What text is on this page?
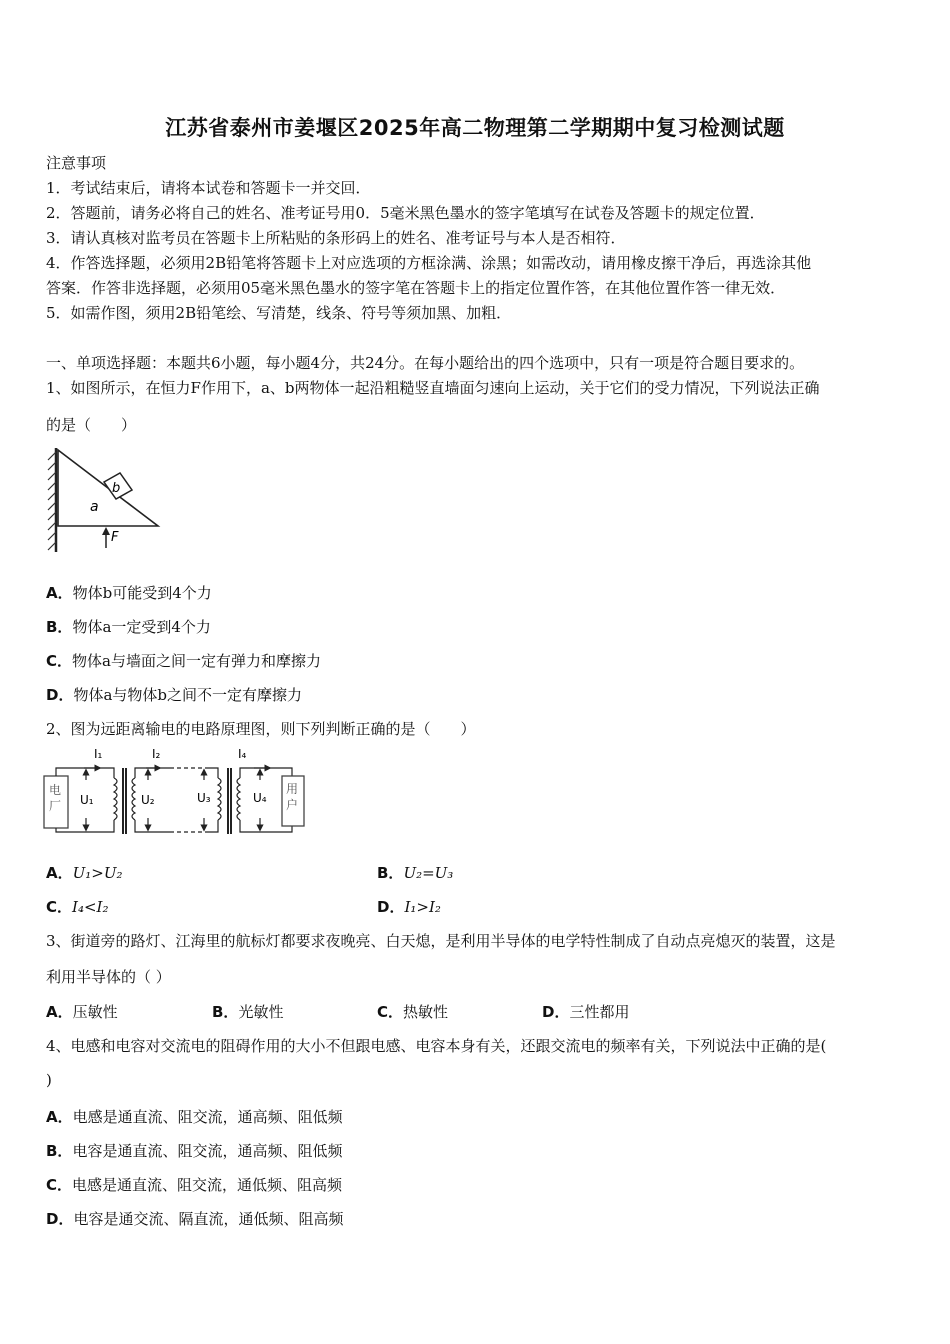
江苏省泰州市姜堰区2025年高二物理第二学期期中复习检测试题
注意事项
1．考试结束后，请将本试卷和答题卡一并交回．
2．答题前，请务必将自己的姓名、准考证号用0．5毫米黑色墨水的签字笔填写在试卷及答题卡的规定位置．
3．请认真核对监考员在答题卡上所粘贴的条形码上的姓名、准考证号与本人是否相符．
4．作答选择题，必须用2B铅笔将答题卡上对应选项的方框涂满、涂黑；如需改动，请用橡皮擦干净后，再选涂其他
答案．作答非选择题，必须用05毫米黑色墨水的签字笔在答题卡上的指定位置作答，在其他位置作答一律无效．
5．如需作图，须用2B铅笔绘、写清楚，线条、符号等须加黑、加粗．
一、单项选择题：本题共6小题，每小题4分，共24分。在每小题给出的四个选项中，只有一项是符合题目要求的。
1、如图所示，在恒力F作用下，a、b两物体一起沿粗糙竖直墙面匀速向上运动，关于它们的受力情况，下列说法正确
的是（　　）
b
a
F
A．物体b可能受到4个力
B．物体a一定受到4个力
C．物体a与墙面之间一定有弹力和摩擦力
D．物体a与物体b之间不一定有摩擦力
2、图为远距离输电的电路原理图，则下列判断正确的是（　　）
电
厂
用
户
I₁	I₂	I₄
U₁	U₂	U₃	U₄
A．U₁>U₂	B．U₂=U₃
C．I₄<I₂	D．I₁>I₂
3、街道旁的路灯、江海里的航标灯都要求夜晚亮、白天熄，是利用半导体的电学特性制成了自动点亮熄灭的装置，这是
利用半导体的（ ）
A．压敏性	B．光敏性	C．热敏性	D．三性都用
4、电感和电容对交流电的阻碍作用的大小不但跟电感、电容本身有关，还跟交流电的频率有关，下列说法中正确的是(
)
A．电感是通直流、阻交流，通高频、阻低频
B．电容是通直流、阻交流，通高频、阻低频
C．电感是通直流、阻交流，通低频、阻高频
D．电容是通交流、隔直流，通低频、阻高频
